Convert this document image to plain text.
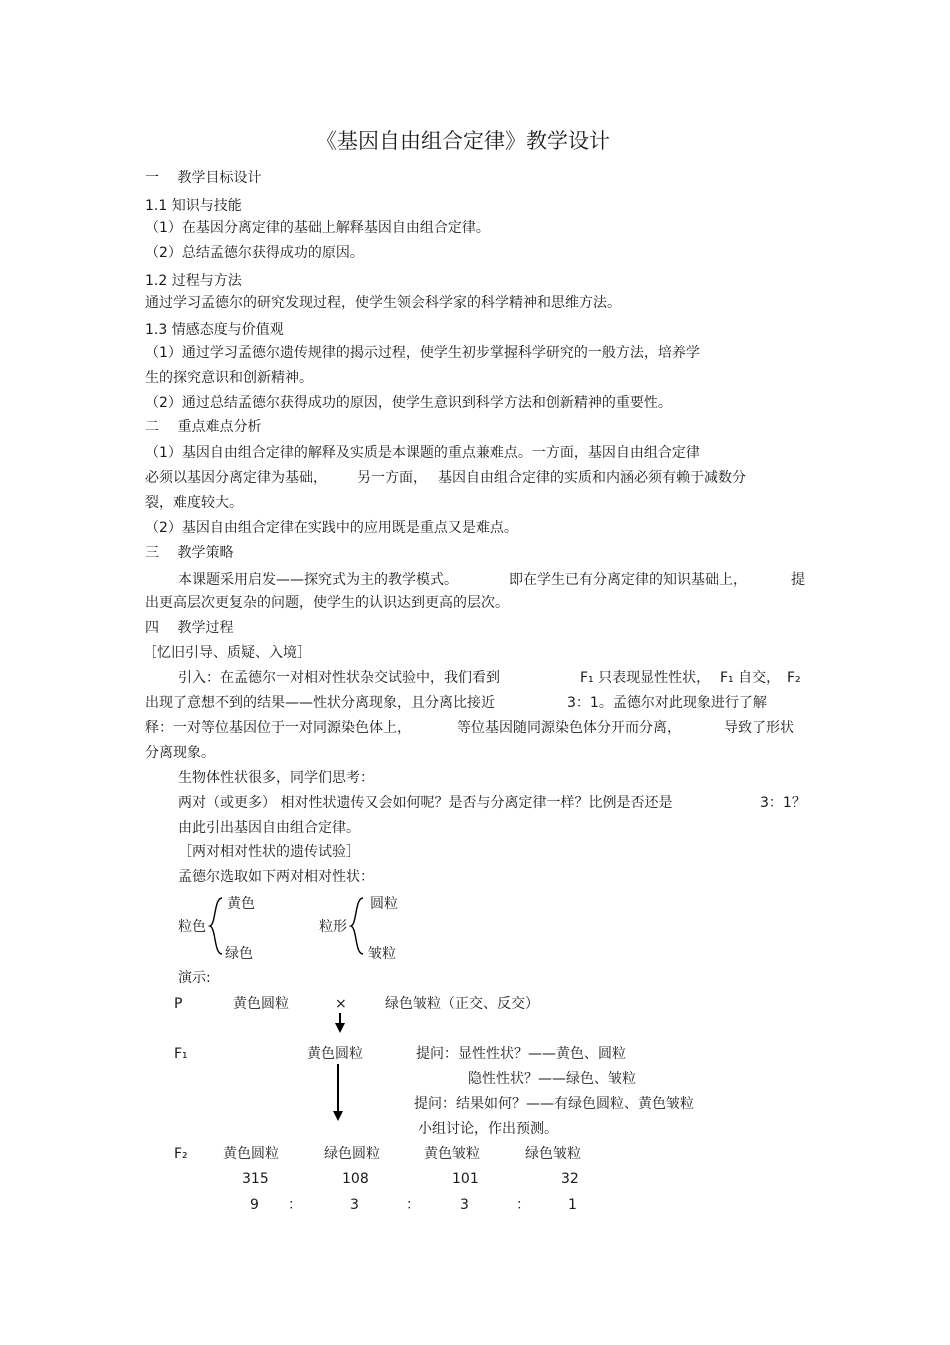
《基因自由组合定律》教学设计
一　 教学目标设计
1.1 知识与技能
（1）在基因分离定律的基础上解释基因自由组合定律。
（2）总结孟德尔获得成功的原因。
1.2 过程与方法
通过学习孟德尔的研究发现过程，使学生领会科学家的科学精神和思维方法。
1.3 情感态度与价值观
（1）通过学习孟德尔遗传规律的揭示过程，使学生初步掌握科学研究的一般方法，培养学
生的探究意识和创新精神。
（2）通过总结孟德尔获得成功的原因，使学生意识到科学方法和创新精神的重要性。
二　 重点难点分析
（1）基因自由组合定律的解释及实质是本课题的重点兼难点。一方面，基因自由组合定律
必须以基因分离定律为基础， 另一方面， 基因自由组合定律的实质和内涵必须有赖于减数分
裂，难度较大。
（2）基因自由组合定律在实践中的应用既是重点又是难点。
三　 教学策略
本课题采用启发——探究式为主的教学模式。	即在学生已有分离定律的知识基础上，	提
出更高层次更复杂的问题，使学生的认识达到更高的层次。
四　 教学过程
［忆旧引导、质疑、入境］
引入：在孟德尔一对相对性状杂交试验中，我们看到	F₁ 只表现显性性状， F₁ 自交， F₂
出现了意想不到的结果——性状分离现象，且分离比接近	3：1。孟德尔对此现象进行了解
释：一对等位基因位于一对同源染色体上，	等位基因随同源染色体分开而分离，	导致了形状
分离现象。
生物体性状很多，同学们思考：
两对（或更多） 相对性状遗传又会如何呢？是否与分离定律一样？比例是否还是	3：1？
由此引出基因自由组合定律。
［两对相对性状的遗传试验］
孟德尔选取如下两对相对性状：
粒色
黄色
绿色
粒形
圆粒
皱粒
演示:
P	黄色圆粒	×	绿色皱粒（正交、反交）
F₁	黄色圆粒	提问：显性性状？——黄色、圆粒
隐性性状？——绿色、皱粒
提问：结果如何？——有绿色圆粒、黄色皱粒
小组讨论，作出预测。
F₂	黄色圆粒	绿色圆粒	黄色皱粒	绿色皱粒
315	108	101	32
9 ：	3	：	3	：	1
